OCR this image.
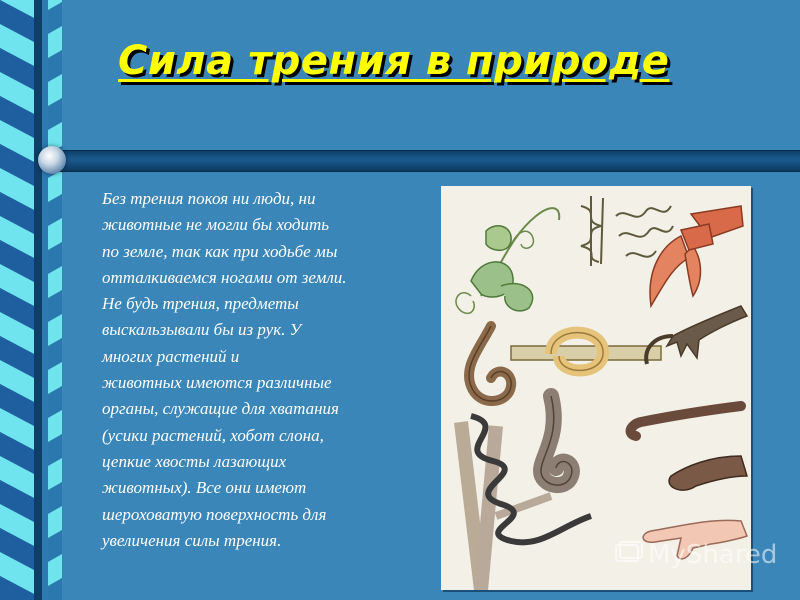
Сила трения в природе
Без трения покоя ни люди, ни
животные не могли бы ходить
по земле, так как при ходьбе мы
отталкиваемся ногами от земли.
Не будь трения, предметы
выскальзывали бы из рук. У
многих растений и
животных имеются различные
органы, служащие для хватания
(усики растений, хобот слона,
цепкие хвосты лазающих
животных). Все они имеют
шероховатую поверхность для
увеличения силы трения.	MyShared
